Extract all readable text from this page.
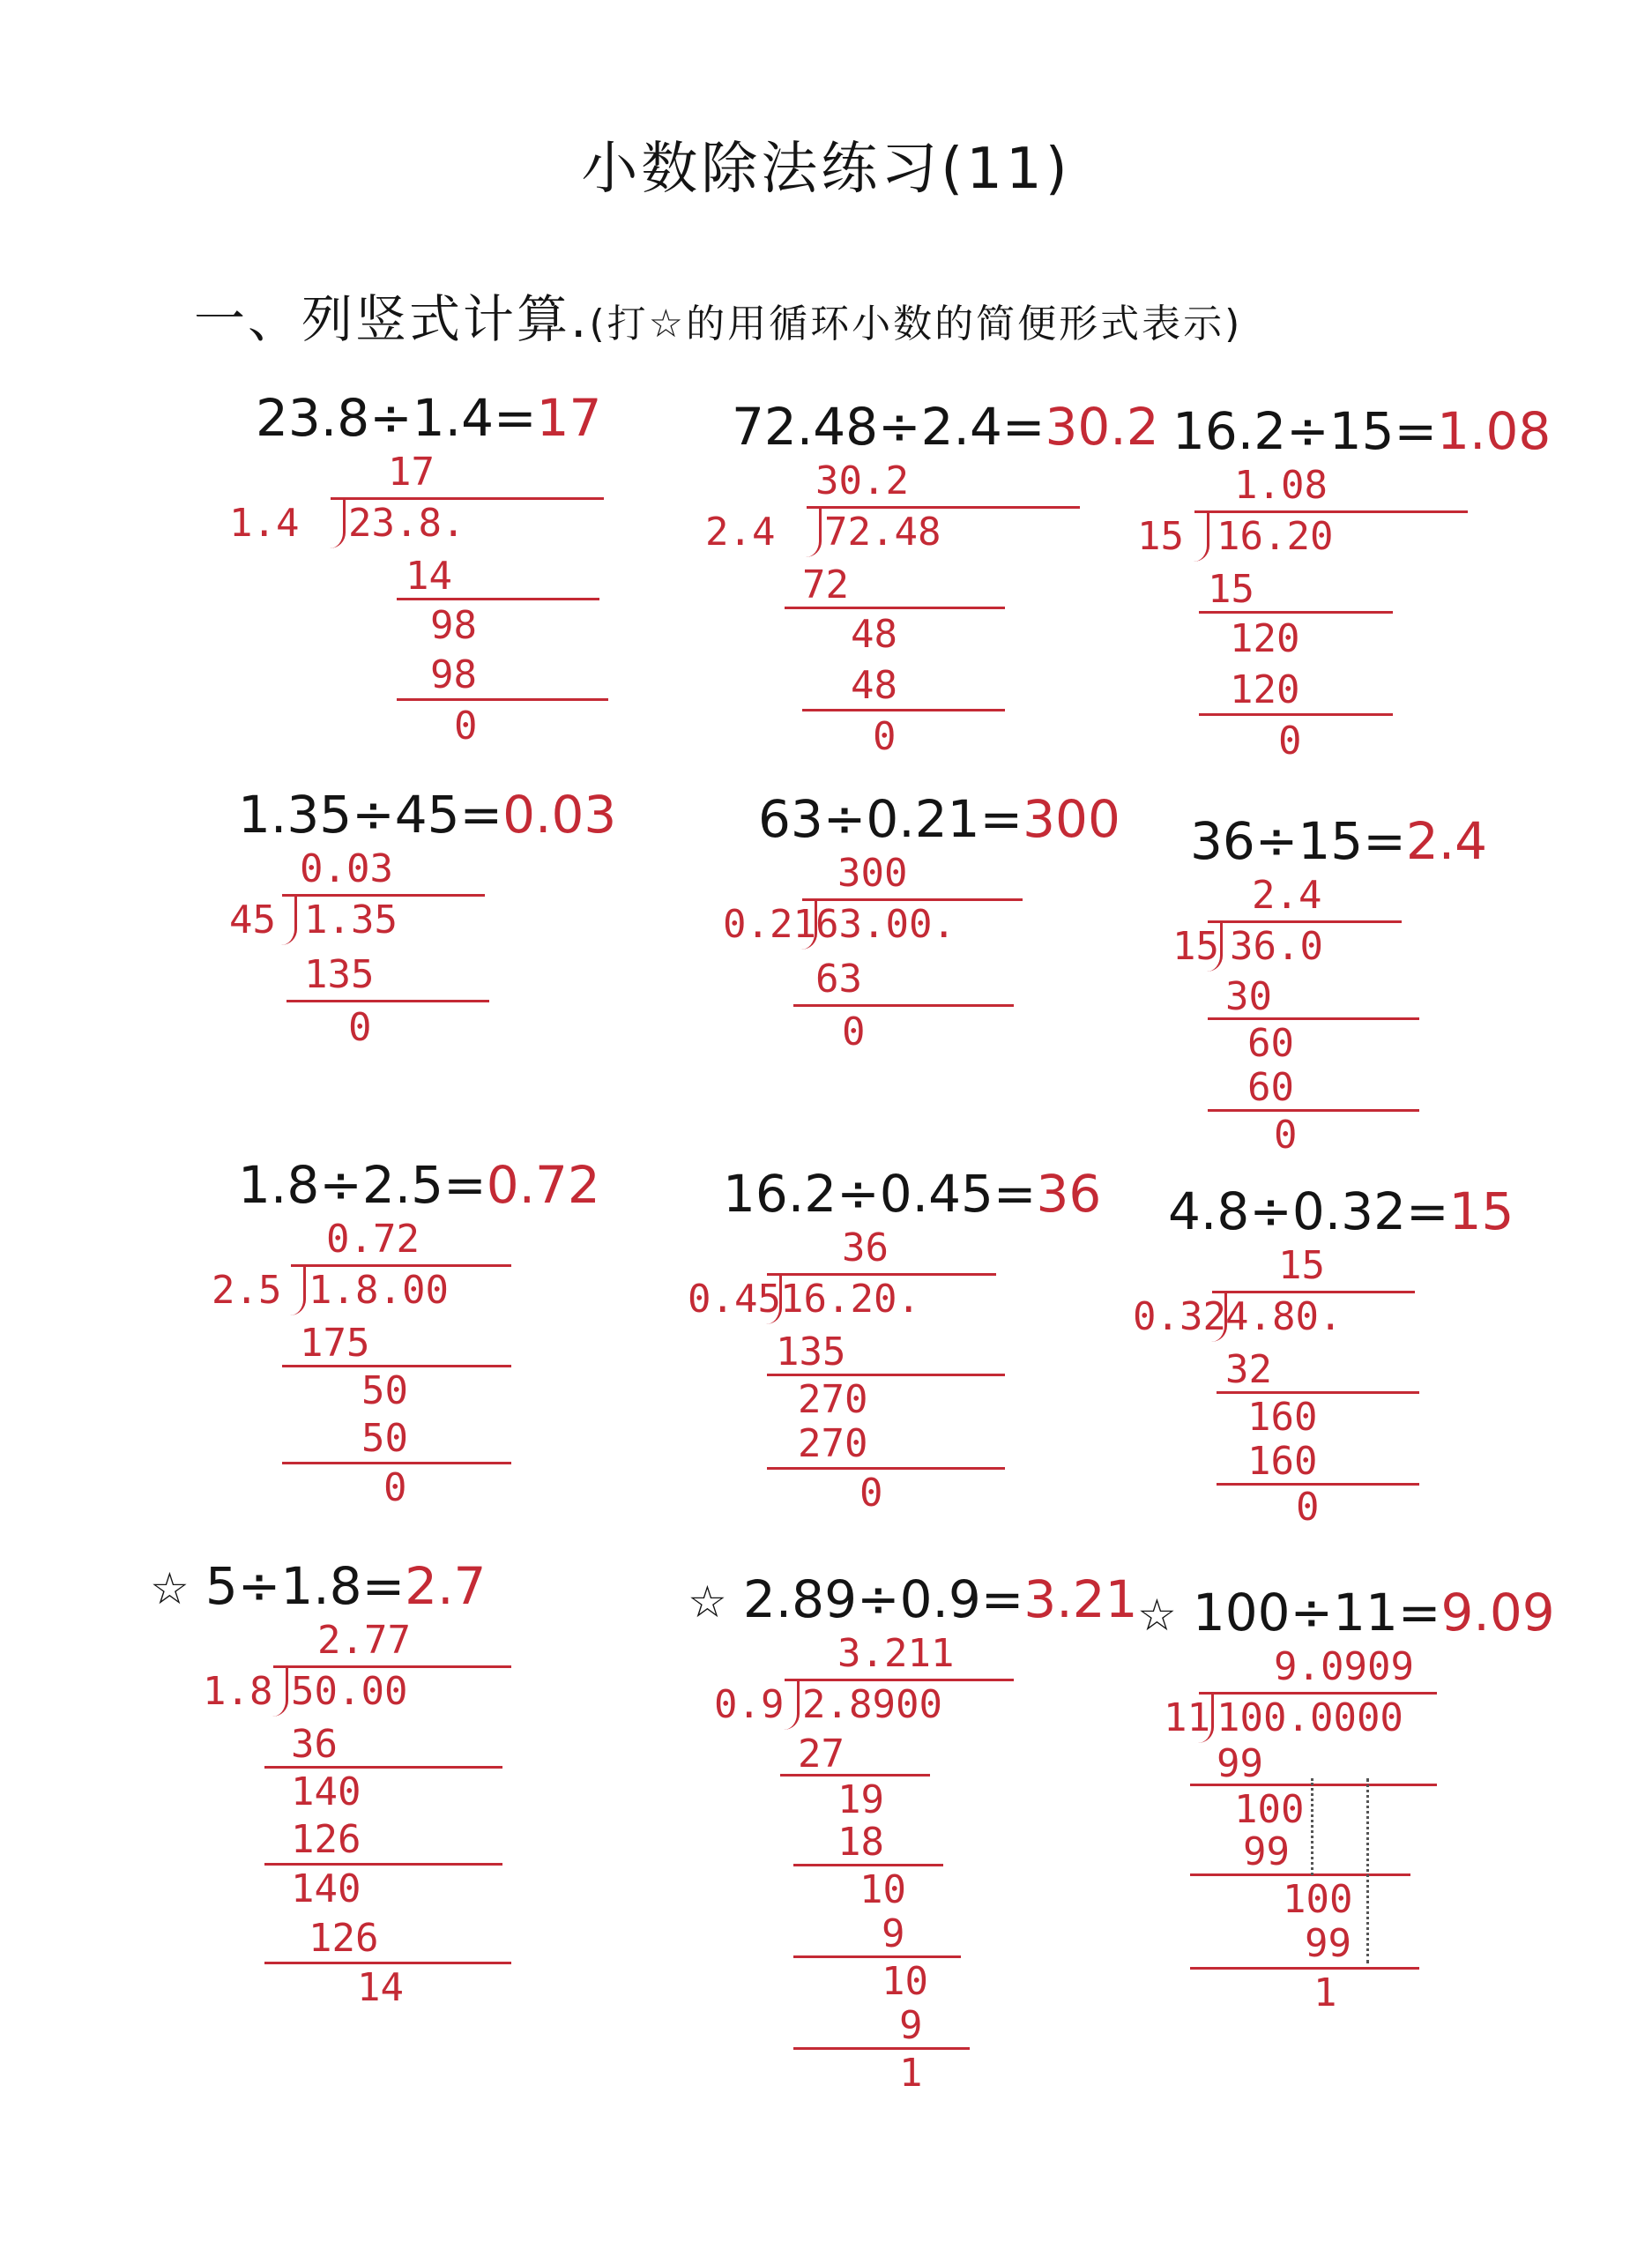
小数除法练习(11)
一、列竖式计算.(打☆的用循环小数的简便形式表示)
23.8÷1.4=17
17
1.4 23.8.
14
98
98
0
72.48÷2.4=30.2
30.2
2.4 72.48
72
48
48
0
16.2÷15=1.08
1.08
15 16.20
15
120
120
0
1.35÷45=0.03
0.03
45 1.35
135
0
63÷0.21=300
300
0.21 63.00.
63
0
36÷15=2.4
2.4
15 36.0
30
60
60
0
1.8÷2.5=0.72
0.72
2.5 1.8.00
175
50
50
0
16.2÷0.45=36
36
0.45 16.20.
135
270
270
0
4.8÷0.32=15
15
0.32 4.80.
32
160
160
0
☆ 5÷1.8=2.7
2.77
1.8 50.00
36
140
126
140
126
14
☆ 2.89÷0.9=3.21
3.211
0.9 2.8900
27
19
18
10
9
10
9
1
☆ 100÷11=9.09
9.0909
11 100.0000
99
100
99
100
99
1
